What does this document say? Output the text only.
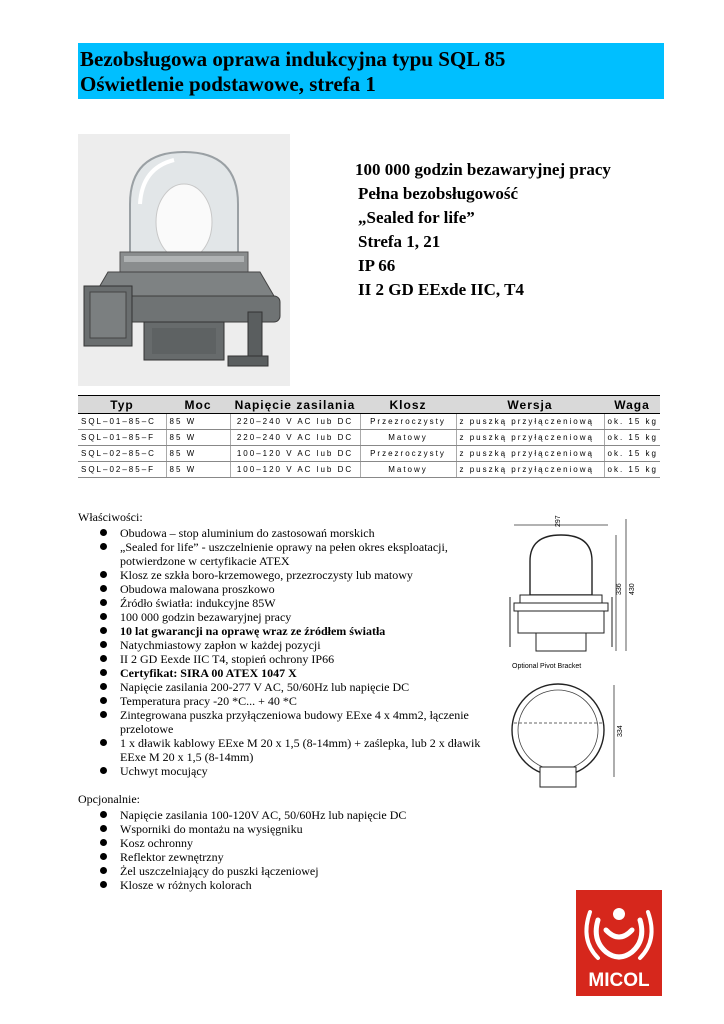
Bezobsługowa oprawa indukcyjna typu SQL 85
Oświetlenie podstawowe, strefa 1
100 000 godzin bezawaryjnej pracy
Pełna bezobsługowość
„Sealed for life”
Strefa 1, 21
IP 66
II 2 GD EExde IIC, T4
Typ	Moc	Napięcie zasilania	Klosz	Wersja	Waga
SQL–01–85–C	85 W	220–240 V AC lub DC	Przezroczysty	z puszką przyłączeniową	ok. 15 kg
SQL–01–85–F	85 W	220–240 V AC lub DC	Matowy	z puszką przyłączeniową	ok. 15 kg
SQL–02–85–C	85 W	100–120 V AC lub DC	Przezroczysty	z puszką przyłączeniową	ok. 15 kg
SQL–02–85–F	85 W	100–120 V AC lub DC	Matowy	z puszką przyłączeniową	ok. 15 kg
Właściwości:
Obudowa – stop aluminium do zastosowań morskich
„Sealed for life” - uszczelnienie oprawy na pełen okres eksploatacji, potwierdzone w certyfikacie ATEX
Klosz ze szkła boro-krzemowego, przezroczysty lub matowy
Obudowa malowana proszkowo
Źródło światła: indukcyjne 85W
100 000 godzin bezawaryjnej pracy
10 lat gwarancji na oprawę wraz ze źródłem światła
Natychmiastowy zapłon w każdej pozycji
II 2 GD Eexde IIC T4, stopień ochrony IP66
Certyfikat: SIRA 00 ATEX 1047 X
Napięcie zasilania 200-277 V AC, 50/60Hz lub napięcie DC
Temperatura pracy -20 *C... + 40 *C
Zintegrowana puszka przyłączeniowa budowy EExe 4 x 4mm2, łączenie przelotowe
1 x dławik kablowy EExe M 20 x 1,5 (8-14mm) + zaślepka, lub 2 x dławik EExe M 20 x 1,5 (8-14mm)
Uchwyt mocujący
297
336 430
Optional Pivot Bracket
334
Opcjonalnie:
Napięcie zasilania 100-120V AC, 50/60Hz lub napięcie DC
Wsporniki do montażu na wysięgniku
Kosz ochronny
Reflektor zewnętrzny
Żel uszczelniający do puszki łączeniowej
Klosze w różnych kolorach
MICOL
